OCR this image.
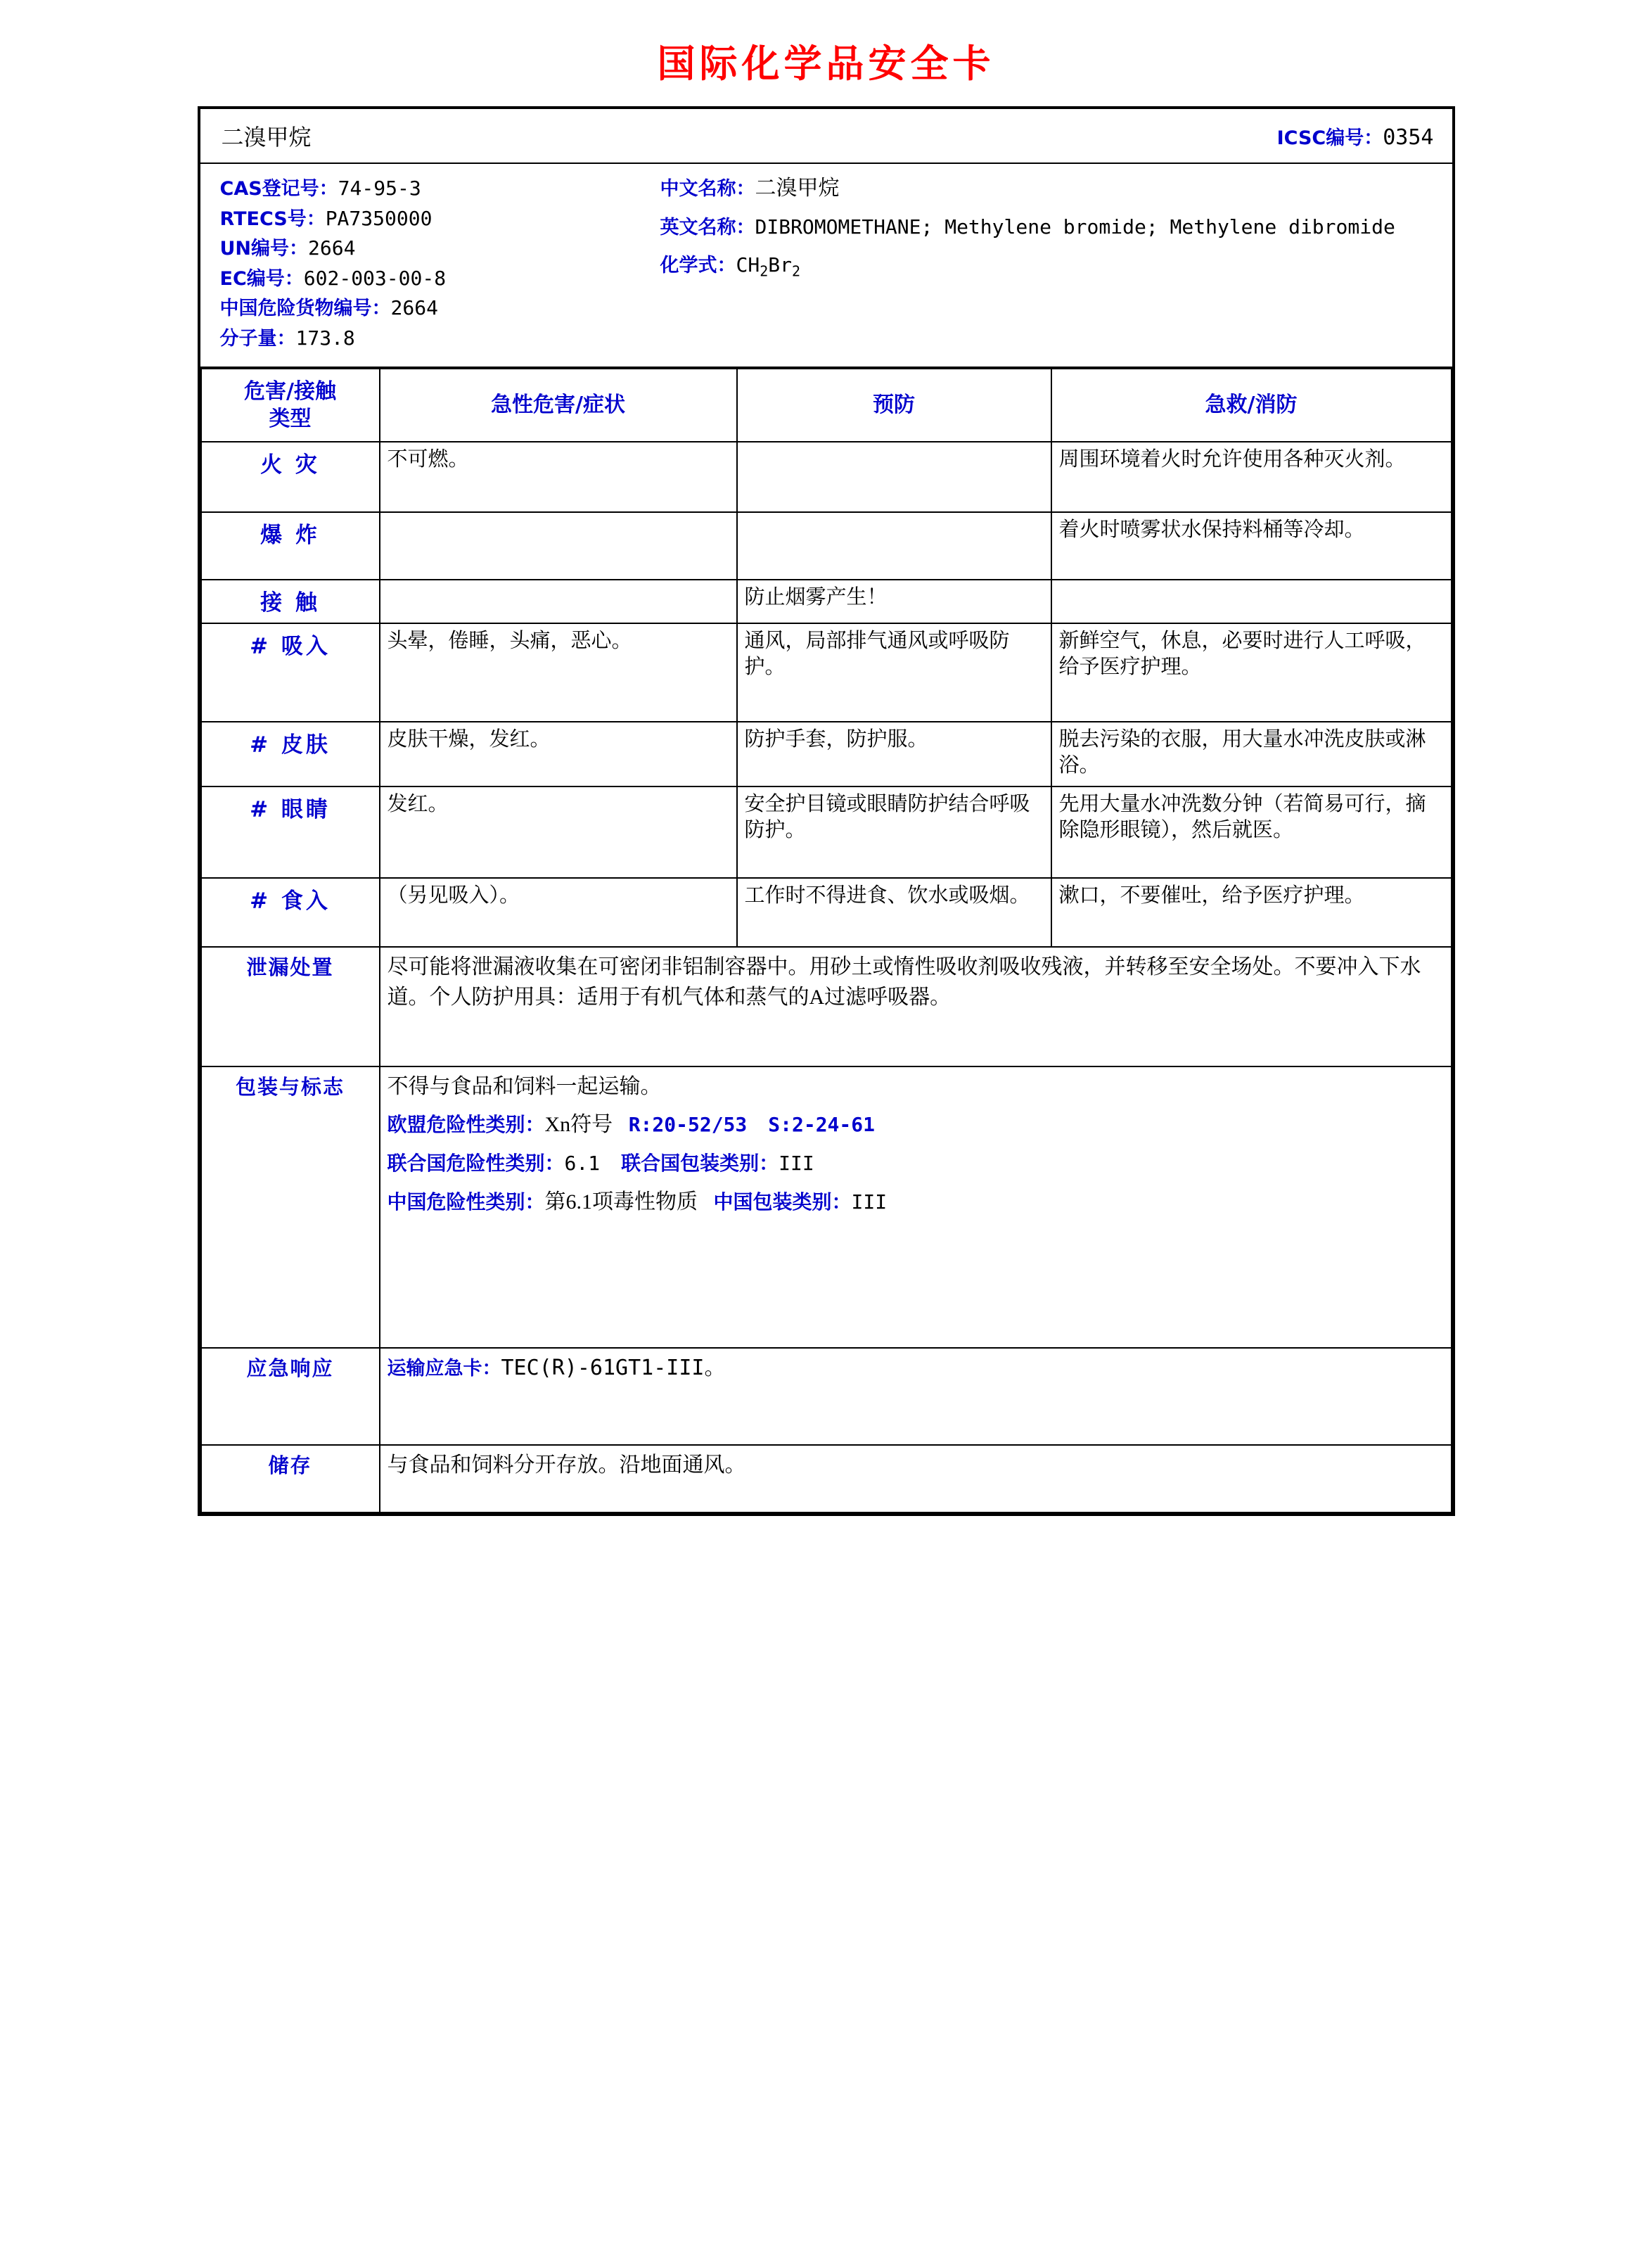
国际化学品安全卡
二溴甲烷	ICSC编号：0354
CAS登记号：74-95-3
RTECS号：PA7350000
UN编号：2664
EC编号：602-003-00-8
中国危险货物编号：2664
分子量：173.8
中文名称：二溴甲烷
英文名称：DIBROMOMETHANE; Methylene bromide; Methylene dibromide
化学式：$CH_2Br_2$
危害/接触
类型	急性危害/症状	预防	急救/消防
火 灾	不可燃。		周围环境着火时允许使用各种灭火剂。
爆 炸			着火时喷雾状水保持料桶等冷却。
接 触		防止烟雾产生！	
# 吸入	头晕，倦睡，头痛，恶心。	通风，局部排气通风或呼吸防护。	新鲜空气，休息，必要时进行人工呼吸，给予医疗护理。
# 皮肤	皮肤干燥，发红。	防护手套，防护服。	脱去污染的衣服，用大量水冲洗皮肤或淋浴。
# 眼睛	发红。	安全护目镜或眼睛防护结合呼吸防护。	先用大量水冲洗数分钟（若简易可行，摘除隐形眼镜），然后就医。
# 食入	（另见吸入）。	工作时不得进食、饮水或吸烟。	漱口，不要催吐，给予医疗护理。
泄漏处置	尽可能将泄漏液收集在可密闭非铝制容器中。用砂土或惰性吸收剂吸收残液，并转移至安全场处。不要冲入下水道。个人防护用具：适用于有机气体和蒸气的A过滤呼吸器。		
包装与标志	不得与食品和饲料一起运输。
欧盟危险性类别：Xn符号 R:20-52/53 S:2-24-61
联合国危险性类别：6.1 联合国包装类别：III
中国危险性类别：第6.1项毒性物质 中国包装类别：III		

应急响应	运输应急卡：TEC(R)-61GT1-III。		
储存	与食品和饲料分开存放。沿地面通风。		
